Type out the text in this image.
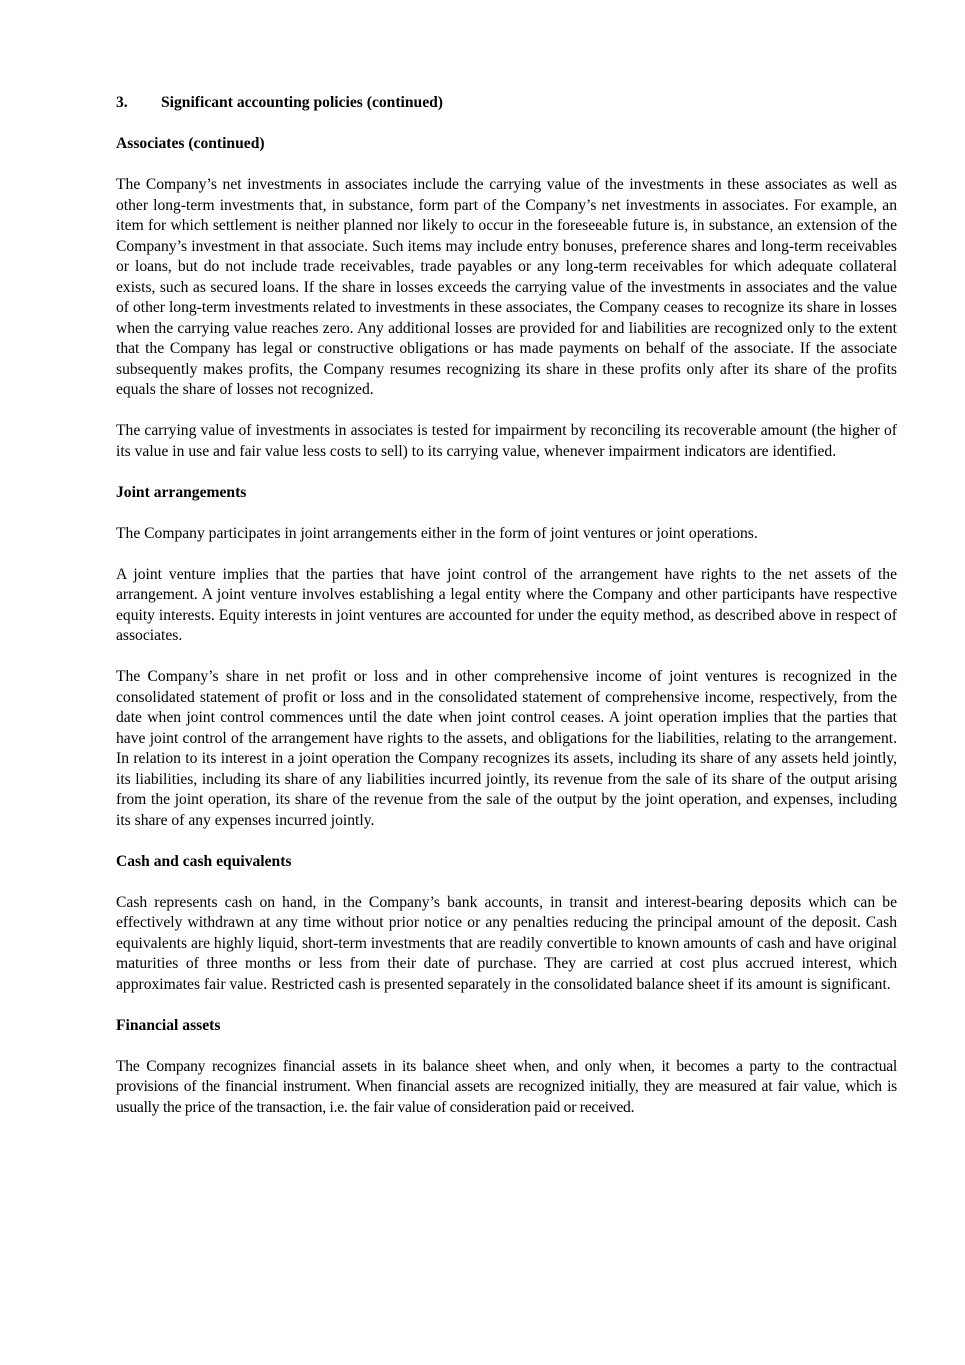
3.	Significant accounting policies (continued)
Associates (continued)

The Company’s net investments in associates include the carrying value of the investments in these associates as well as other long-term investments that, in substance, form part of the Company’s net investments in associates. For example, an item for which settlement is neither planned nor likely to occur in the foreseeable future is, in substance, an extension of the Company’s investment in that associate. Such items may include entry bonuses, preference shares and long-term receivables or loans, but do not include trade receivables, trade payables or any long-term receivables for which adequate collateral exists, such as secured loans. If the share in losses exceeds the carrying value of the investments in associates and the value of other long-term investments related to investments in these associates, the Company ceases to recognize its share in losses when the carrying value reaches zero. Any additional losses are provided for and liabilities are recognized only to the extent that the Company has legal or constructive obligations or has made payments on behalf of the associate. If the associate subsequently makes profits, the Company resumes recognizing its share in these profits only after its share of the profits equals the share of losses not recognized.

The carrying value of investments in associates is tested for impairment by reconciling its recoverable amount (the higher of its value in use and fair value less costs to sell) to its carrying value, whenever impairment indicators are identified.

Joint arrangements

The Company participates in joint arrangements either in the form of joint ventures or joint operations.

A joint venture implies that the parties that have joint control of the arrangement have rights to the net assets of the arrangement. A joint venture involves establishing a legal entity where the Company and other participants have respective equity interests. Equity interests in joint ventures are accounted for under the equity method, as described above in respect of associates.

The Company’s share in net profit or loss and in other comprehensive income of joint ventures is recognized in the consolidated statement of profit or loss and in the consolidated statement of comprehensive income, respectively, from the date when joint control commences until the date when joint control ceases. A joint operation implies that the parties that have joint control of the arrangement have rights to the assets, and obligations for the liabilities, relating to the arrangement. In relation to its interest in a joint operation the Company recognizes its assets, including its share of any assets held jointly, its liabilities, including its share of any liabilities incurred jointly, its revenue from the sale of its share of the output arising from the joint operation, its share of the revenue from the sale of the output by the joint operation, and expenses, including its share of any expenses incurred jointly.

Cash and cash equivalents

Cash represents cash on hand, in the Company’s bank accounts, in transit and interest-bearing deposits which can be effectively withdrawn at any time without prior notice or any penalties reducing the principal amount of the deposit. Cash equivalents are highly liquid, short-term investments that are readily convertible to known amounts of cash and have original maturities of three months or less from their date of purchase. They are carried at cost plus accrued interest, which approximates fair value. Restricted cash is presented separately in the consolidated balance sheet if its amount is significant.

Financial assets

The Company recognizes financial assets in its balance sheet when, and only when, it becomes a party to the contractual provisions of the financial instrument. When financial assets are recognized initially, they are measured at fair value, which is usually the price of the transaction, i.e. the fair value of consideration paid or received.
